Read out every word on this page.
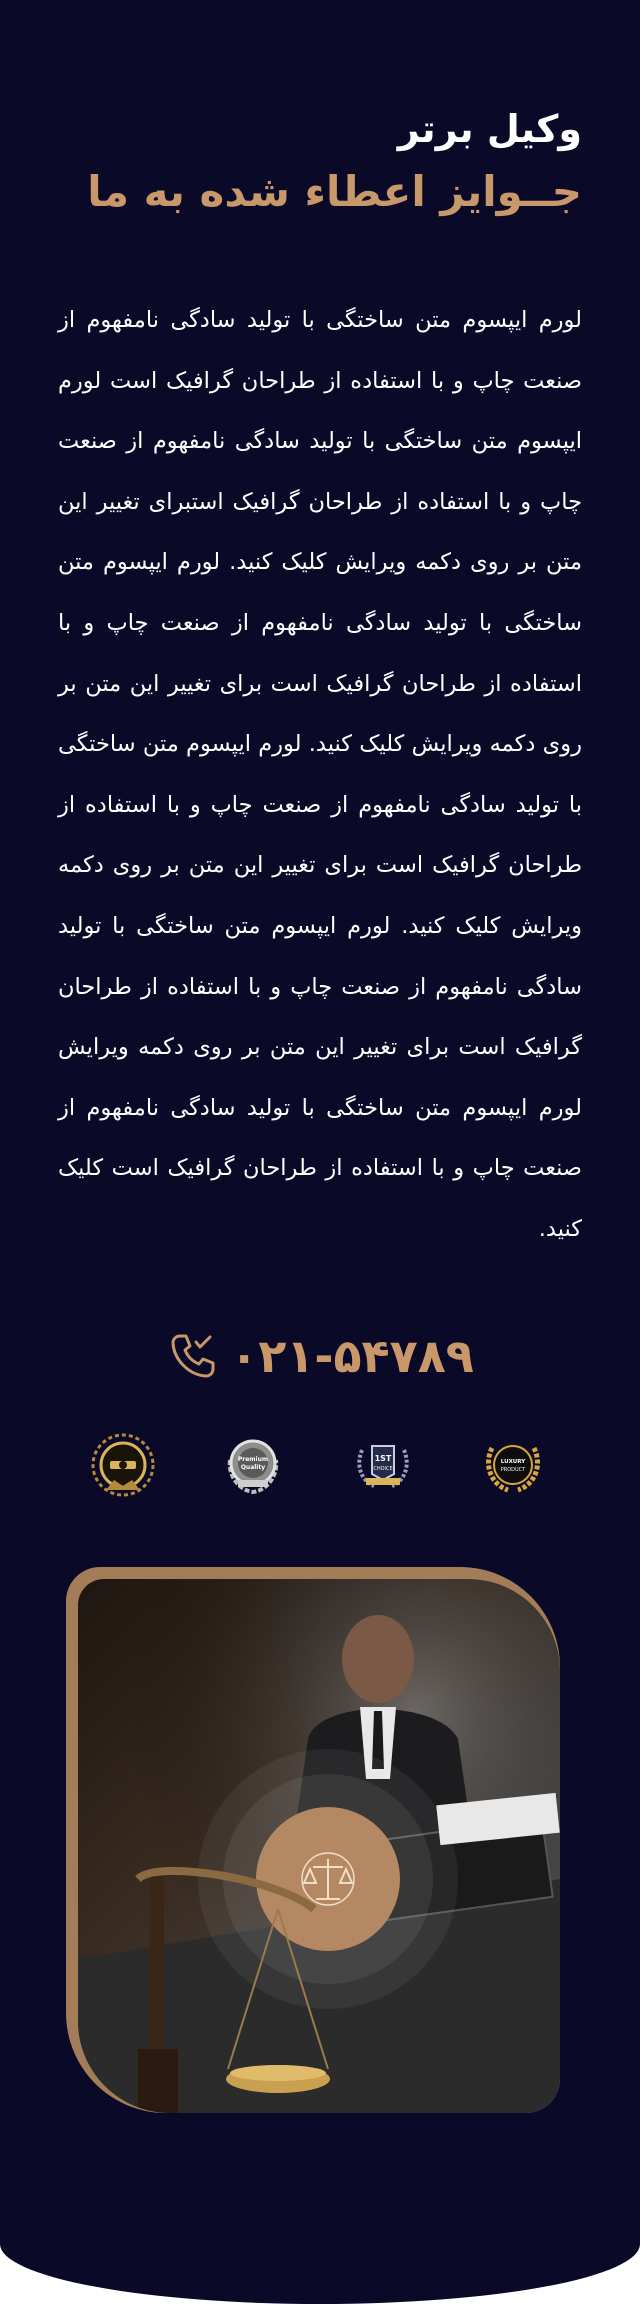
وکیل برتر
جــوایز اعطاء شده به ما

لورم ایپسوم متن ساختگی با تولید سادگی نامفهوم از صنعت چاپ و با استفاده از طراحان گرافیک است لورم ایپسوم متن ساختگی با تولید سادگی نامفهوم از صنعت چاپ و با استفاده از طراحان گرافیک استبرای تغییر این متن بر روی دکمه ویرایش کلیک کنید. لورم ایپسوم متن ساختگی با تولید سادگی نامفهوم از صنعت چاپ و با استفاده از طراحان گرافیک است برای تغییر این متن بر روی دکمه ویرایش کلیک کنید. لورم ایپسوم متن ساختگی با تولید سادگی نامفهوم از صنعت چاپ و با استفاده از طراحان گرافیک است برای تغییر این متن بر روی دکمه ویرایش کلیک کنید. لورم ایپسوم متن ساختگی با تولید سادگی نامفهوم از صنعت چاپ و با استفاده از طراحان گرافیک است برای تغییر این متن بر روی دکمه ویرایش لورم ایپسوم متن ساختگی با تولید سادگی نامفهوم از صنعت چاپ و با استفاده از طراحان گرافیک است کلیک کنید.

۰۲۱-۵۴۷۸۹
Premium
Quality
1ST
CHOICE
LUXURY
PRODUCT
